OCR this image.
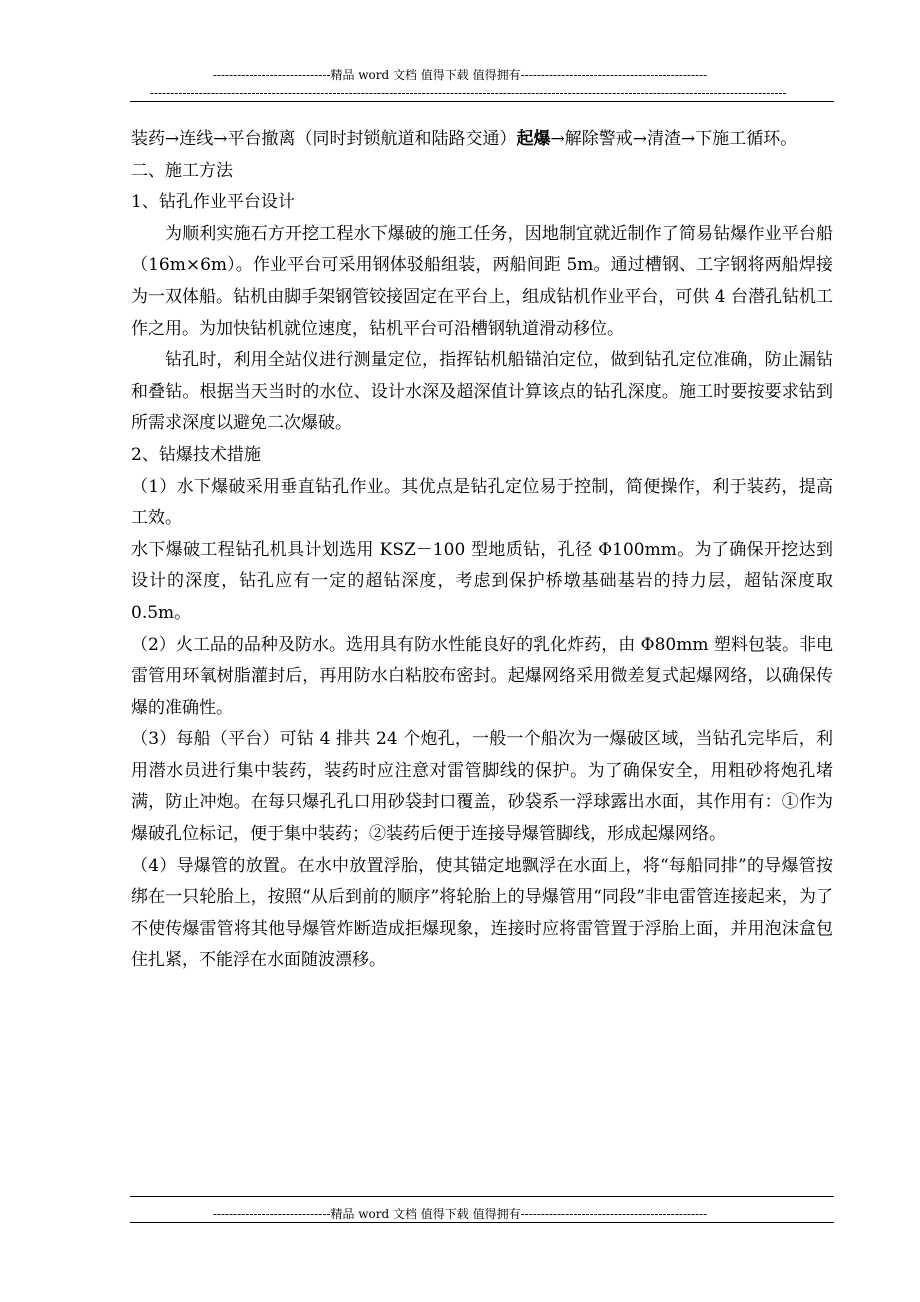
-----------------------------精品 word 文档 值得下载 值得拥有----------------------------------------------
-------------------------------------------------------------------------------------------------------------------------------------------------------------

装药→连线→平台撤离（同时封锁航道和陆路交通）起爆→解除警戒→清渣→下施工循环。

二、施工方法

1、钻孔作业平台设计

为顺利实施石方开挖工程水下爆破的施工任务，因地制宜就近制作了简易钻爆作业平台船（16m×6m）。作业平台可采用钢体驳船组装，两船间距 5m。通过槽钢、工字钢将两船焊接为一双体船。钻机由脚手架钢管铰接固定在平台上，组成钻机作业平台，可供 4 台潜孔钻机工作之用。为加快钻机就位速度，钻机平台可沿槽钢轨道滑动移位。

钻孔时，利用全站仪进行测量定位，指挥钻机船锚泊定位，做到钻孔定位准确，防止漏钻和叠钻。根据当天当时的水位、设计水深及超深值计算该点的钻孔深度。施工时要按要求钻到所需求深度以避免二次爆破。

2、钻爆技术措施

（1）水下爆破采用垂直钻孔作业。其优点是钻孔定位易于控制，简便操作，利于装药，提高工效。

水下爆破工程钻孔机具计划选用 KSZ－100 型地质钻，孔径 Φ100mm。为了确保开挖达到设计的深度，钻孔应有一定的超钻深度，考虑到保护桥墩基础基岩的持力层，超钻深度取 0.5m。

（2）火工品的品种及防水。选用具有防水性能良好的乳化炸药，由 Φ80mm 塑料包装。非电雷管用环氧树脂灌封后，再用防水白粘胶布密封。起爆网络采用微差复式起爆网络，以确保传爆的准确性。

（3）每船（平台）可钻 4 排共 24 个炮孔，一般一个船次为一爆破区域，当钻孔完毕后，利用潜水员进行集中装药，装药时应注意对雷管脚线的保护。为了确保安全，用粗砂将炮孔堵满，防止冲炮。在每只爆孔孔口用砂袋封口覆盖，砂袋系一浮球露出水面，其作用有：①作为爆破孔位标记，便于集中装药；②装药后便于连接导爆管脚线，形成起爆网络。

（4）导爆管的放置。在水中放置浮胎，使其锚定地飘浮在水面上，将“每船同排”的导爆管按绑在一只轮胎上，按照“从后到前的顺序”将轮胎上的导爆管用“同段”非电雷管连接起来，为了不使传爆雷管将其他导爆管炸断造成拒爆现象，连接时应将雷管置于浮胎上面，并用泡沫盒包住扎紧，不能浮在水面随波漂移。

-----------------------------精品 word 文档 值得下载 值得拥有----------------------------------------------
